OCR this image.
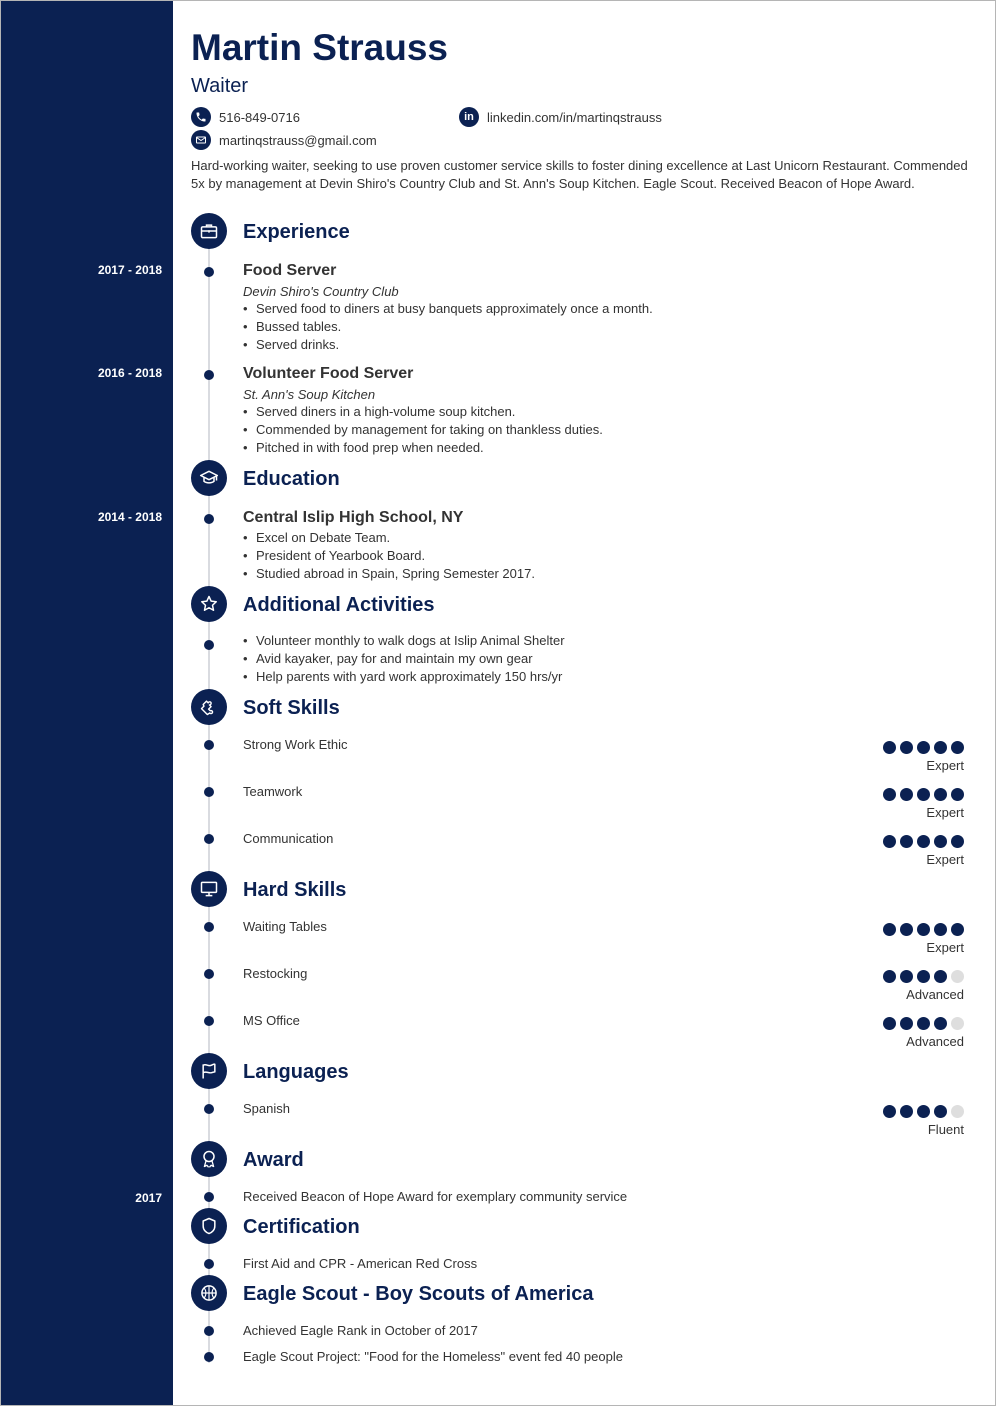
Martin Strauss
Waiter
516-849-0716
martinqstrauss@gmail.com
in linkedin.com/in/martinqstrauss

Hard-working waiter, seeking to use proven customer service skills to foster dining excellence at Last Unicorn Restaurant. Commended 5x by management at Devin Shiro's Country Club and St. Ann's Soup Kitchen. Eagle Scout. Received Beacon of Hope Award.

Experience
2017 - 2018	Food Server
Devin Shiro's Country Club
• Served food to diners at busy banquets approximately once a month.
• Bussed tables.
• Served drinks.
2016 - 2018	Volunteer Food Server
St. Ann's Soup Kitchen
• Served diners in a high-volume soup kitchen.
• Commended by management for taking on thankless duties.
• Pitched in with food prep when needed.
Education
2014 - 2018	Central Islip High School, NY
• Excel on Debate Team.
• President of Yearbook Board.
• Studied abroad in Spain, Spring Semester 2017.
Additional Activities
• Volunteer monthly to walk dogs at Islip Animal Shelter
• Avid kayaker, pay for and maintain my own gear
• Help parents with yard work approximately 150 hrs/yr
Soft Skills
Strong Work Ethic
Expert
Teamwork
Expert
Communication
Expert
Hard Skills
Waiting Tables
Expert
Restocking
Advanced
MS Office
Advanced
Languages
Spanish
Fluent
Award
2017	Received Beacon of Hope Award for exemplary community service
Certification
First Aid and CPR - American Red Cross
Eagle Scout - Boy Scouts of America
Achieved Eagle Rank in October of 2017
Eagle Scout Project: "Food for the Homeless" event fed 40 people
